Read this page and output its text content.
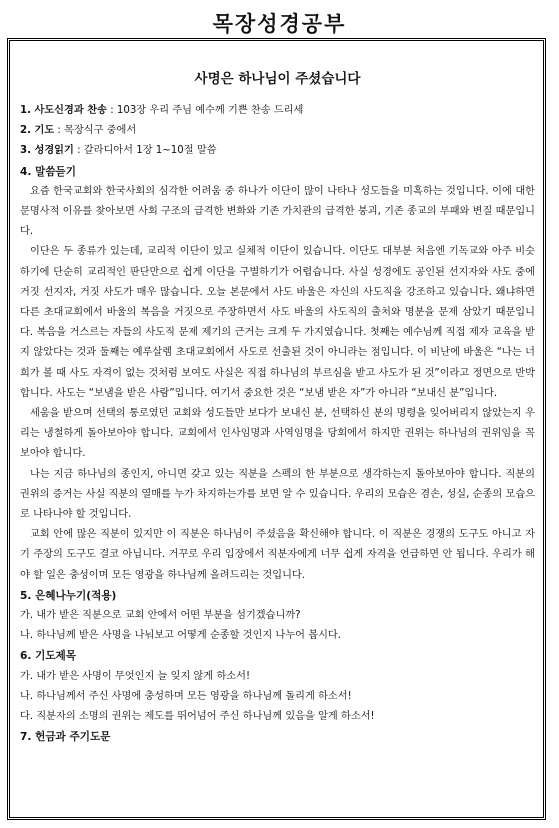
목장성경공부
사명은 하나님이 주셨습니다
1. 사도신경과 찬송 : 103장 우리 주님 예수께 기쁜 찬송 드리세
2. 기도 : 목장식구 중에서
3. 성경읽기 : 갈라디아서 1장 1~10절 말씀
4. 말씀듣기
요즘 한국교회와 한국사회의 심각한 어려움 중 하나가 이단이 많이 나타나 성도들을 미혹하는 것입니다. 이에 대한 문명사적 이유를 찾아보면 사회 구조의 급격한 변화와 기존 가치관의 급격한 붕괴, 기존 종교의 부패와 변질 때문입니다.
이단은 두 종류가 있는데, 교리적 이단이 있고 실체적 이단이 있습니다. 이단도 대부분 처음엔 기독교와 아주 비슷하기에 단순히 교리적인 판단만으로 쉽게 이단을 구별하기가 어렵습니다. 사실 성경에도 공인된 선지자와 사도 중에 거짓 선지자, 거짓 사도가 매우 많습니다. 오늘 본문에서 사도 바울은 자신의 사도직을 강조하고 있습니다. 왜냐하면 다른 초대교회에서 바울의 복음을 거짓으로 주장하면서 사도 바울의 사도직의 출처와 명분을 문제 삼았기 때문입니다. 복음을 거스르는 자들의 사도직 문제 제기의 근거는 크게 두 가지였습니다. 첫째는 예수님께 직접 제자 교육을 받지 않았다는 것과 둘째는 예루살렘 초대교회에서 사도로 선출된 것이 아니라는 점입니다. 이 비난에 바울은 “나는 너희가 볼 때 사도 자격이 없는 것처럼 보여도 사실은 직접 하나님의 부르심을 받고 사도가 된 것”이라고 정면으로 반박합니다. 사도는 “보냄을 받은 사람”입니다. 여기서 중요한 것은 “보냄 받은 자”가 아니라 “보내신 분”입니다.
세움을 받으며 선택의 통로였던 교회와 성도들만 보다가 보내신 분, 선택하신 분의 명령을 잊어버리지 않았는지 우리는 냉철하게 돌아보아야 합니다. 교회에서 인사임명과 사역임명을 당회에서 하지만 권위는 하나님의 권위임을 꼭 보아야 합니다.
나는 지금 하나님의 종인지, 아니면 갖고 있는 직분을 스펙의 한 부분으로 생각하는지 돌아보아야 합니다. 직분의 권위의 증거는 사실 직분의 열매를 누가 차지하는가를 보면 알 수 있습니다. 우리의 모습은 겸손, 성실, 순종의 모습으로 나타나야 할 것입니다.
교회 안에 많은 직분이 있지만 이 직분은 하나님이 주셨음을 확신해야 합니다. 이 직분은 경쟁의 도구도 아니고 자기 주장의 도구도 결코 아닙니다. 거꾸로 우리 입장에서 직분자에게 너무 쉽게 자격을 언급하면 안 됩니다. 우리가 해야 할 일은 충성이며 모든 영광을 하나님께 올려드리는 것입니다.
5. 은혜나누기(적용)
가. 내가 받은 직분으로 교회 안에서 어떤 부분을 섬기겠습니까?
나. 하나님께 받은 사명을 나눠보고 어떻게 순종할 것인지 나누어 봅시다.
6. 기도제목
가. 내가 받은 사명이 무엇인지 늘 잊지 않게 하소서!
나. 하나님께서 주신 사명에 충성하며 모든 영광을 하나님께 돌리게 하소서!
다. 직분자의 소명의 권위는 제도를 뛰어넘어 주신 하나님께 있음을 알게 하소서!
7. 헌금과 주기도문
